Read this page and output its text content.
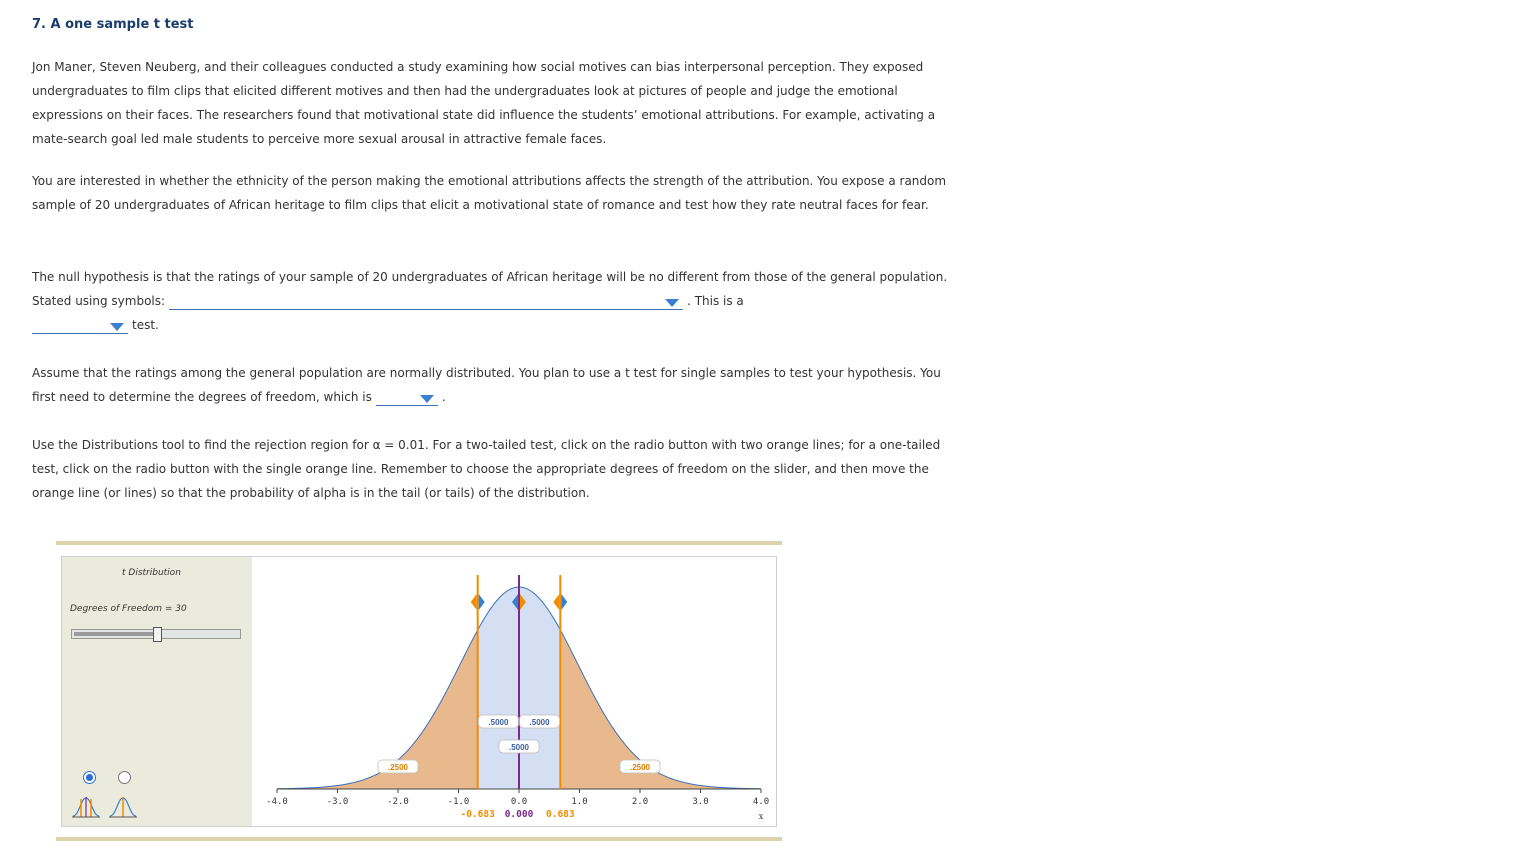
7. A one sample t test
Jon Maner, Steven Neuberg, and their colleagues conducted a study examining how social motives can bias interpersonal perception. They exposed undergraduates to film clips that elicited different motives and then had the undergraduates look at pictures of people and judge the emotional expressions on their faces. The researchers found that motivational state did influence the students’ emotional attributions. For example, activating a mate-search goal led male students to perceive more sexual arousal in attractive female faces.
You are interested in whether the ethnicity of the person making the emotional attributions affects the strength of the attribution. You expose a random sample of 20 undergraduates of African heritage to film clips that elicit a motivational state of romance and test how they rate neutral faces for fear.
The null hypothesis is that the ratings of your sample of 20 undergraduates of African heritage will be no different from those of the general population. Stated using symbols:	. This is a

test.
Assume that the ratings among the general population are normally distributed. You plan to use a t test for single samples to test your hypothesis. You first need to determine the degrees of freedom, which is	.
Use the Distributions tool to find the rejection region for α = 0.01. For a two-tailed test, click on the radio button with two orange lines; for a one-tailed test, click on the radio button with the single orange line. Remember to choose the appropriate degrees of freedom on the slider, and then move the orange line (or lines) so that the probability of alpha is in the tail (or tails) of the distribution.
t Distribution
Degrees of Freedom = 30
-4.0	-3.0	-2.0	-1.0	0.0	1.0	2.0	3.0	4.0
x
-0.683 0.000 0.683
.2500
.5000
.5000
.5000
.2500
